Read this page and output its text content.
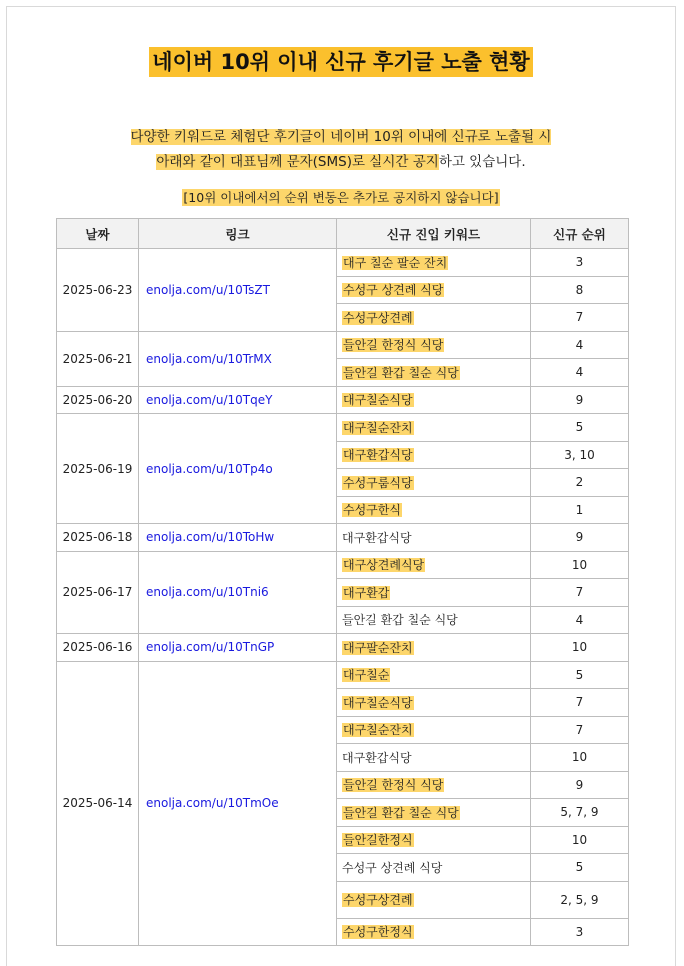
네이버 10위 이내 신규 후기글 노출 현황
다양한 키워드로 체험단 후기글이 네이버 10위 이내에 신규로 노출될 시
아래와 같이 대표님께 문자(SMS)로 실시간 공지하고 있습니다.
[10위 이내에서의 순위 변동은 추가로 공지하지 않습니다]
날짜	링크	신규 진입 키워드	신규 순위
2025-06-23	enolja.com/u/10TsZT	대구 칠순 팔순 잔치	3
		수성구 상견례 식당	8
		수성구상견례	7
2025-06-21	enolja.com/u/10TrMX	들안길 한정식 식당	4
		들안길 환갑 칠순 식당	4
2025-06-20	enolja.com/u/10TqeY	대구칠순식당	9
2025-06-19	enolja.com/u/10Tp4o	대구칠순잔치	5
		대구환갑식당	3, 10
		수성구룸식당	2
		수성구한식	1
2025-06-18	enolja.com/u/10ToHw	대구환갑식당	9
2025-06-17	enolja.com/u/10Tni6	대구상견례식당	10
		대구환갑	7
		들안길 환갑 칠순 식당	4
2025-06-16	enolja.com/u/10TnGP	대구팔순잔치	10
2025-06-14	enolja.com/u/10TmOe	대구칠순	5
		대구칠순식당	7
		대구칠순잔치	7
		대구환갑식당	10
		들안길 한정식 식당	9
		들안길 환갑 칠순 식당	5, 7, 9
		들안길한정식	10
		수성구 상견례 식당	5
		수성구상견례	2, 5, 9
		수성구한정식	3
